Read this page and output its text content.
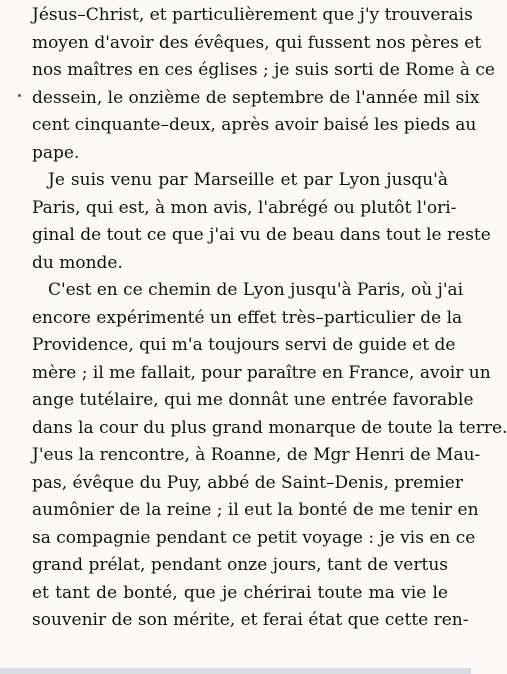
Jésus–Christ, et particulièrement que j'y trouverais
moyen d'avoir des évêques, qui fussent nos pères et
nos maîtres en ces églises ; je suis sorti de Rome à ce
dessein, le onzième de septembre de l'année mil six
cent cinquante–deux, après avoir baisé les pieds au
pape.
Je suis venu par Marseille et par Lyon jusqu'à
Paris, qui est, à mon avis, l'abrégé ou plutôt l'ori-
ginal de tout ce que j'ai vu de beau dans tout le reste
du monde.
C'est en ce chemin de Lyon jusqu'à Paris, où j'ai
encore expérimenté un effet très–particulier de la
Providence, qui m'a toujours servi de guide et de
mère ; il me fallait, pour paraître en France, avoir un
ange tutélaire, qui me donnât une entrée favorable
dans la cour du plus grand monarque de toute la terre.
J'eus la rencontre, à Roanne, de Mgr Henri de Mau-
pas, évêque du Puy, abbé de Saint–Denis, premier
aumônier de la reine ; il eut la bonté de me tenir en
sa compagnie pendant ce petit voyage : je vis en ce
grand prélat, pendant onze jours, tant de vertus
et tant de bonté, que je chérirai toute ma vie le
souvenir de son mérite, et ferai état que cette ren-
